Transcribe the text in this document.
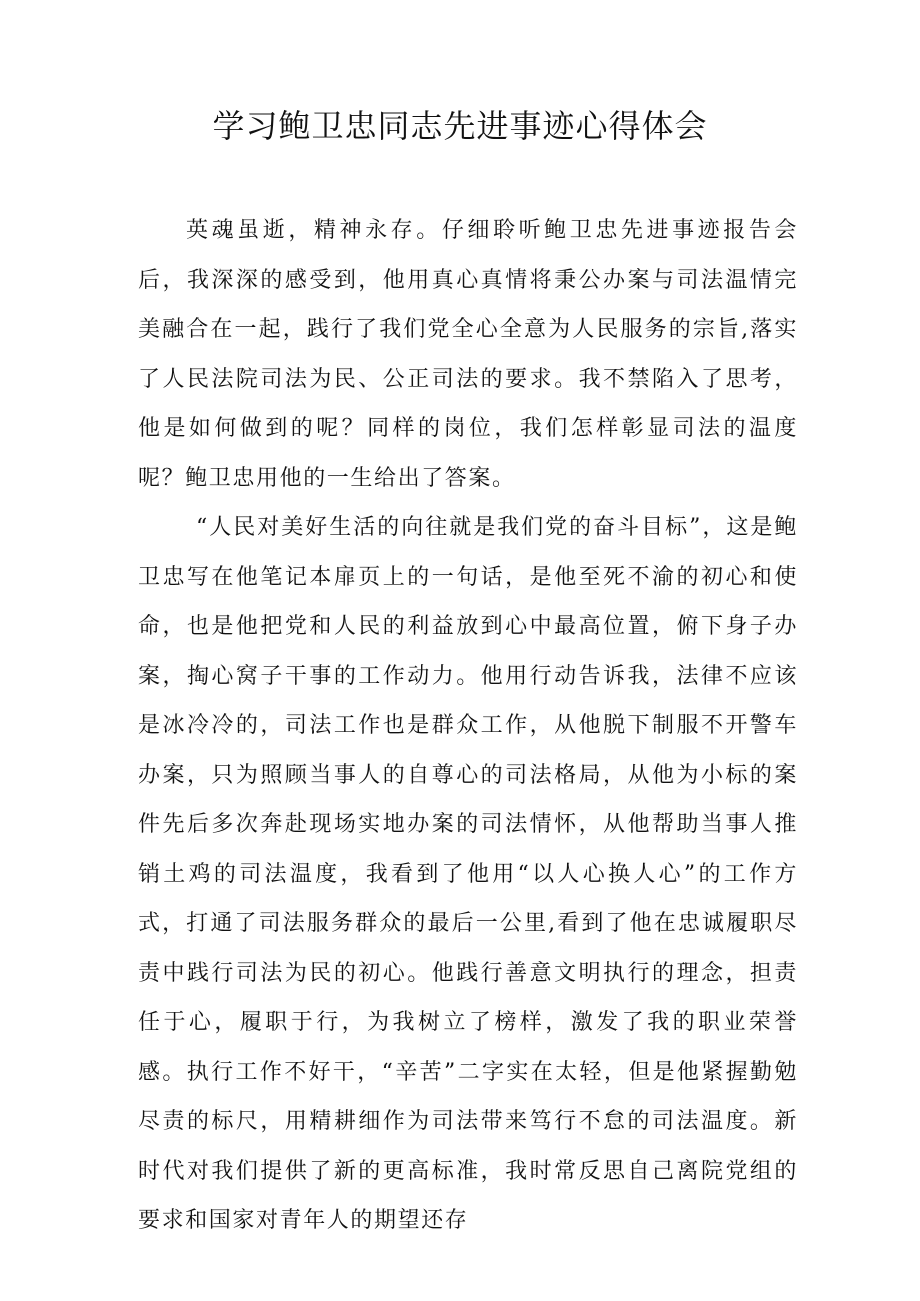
学习鲍卫忠同志先进事迹心得体会

英魂虽逝，精神永存。仔细聆听鲍卫忠先进事迹报告会后，我深深的感受到，他用真心真情将秉公办案与司法温情完美融合在一起，践行了我们党全心全意为人民服务的宗旨,落实了人民法院司法为民、公正司法的要求。我不禁陷入了思考，他是如何做到的呢？同样的岗位，我们怎样彰显司法的温度呢？鲍卫忠用他的一生给出了答案。

“人民对美好生活的向往就是我们党的奋斗目标”，这是鲍卫忠写在他笔记本扉页上的一句话，是他至死不渝的初心和使命，也是他把党和人民的利益放到心中最高位置，俯下身子办案，掏心窝子干事的工作动力。他用行动告诉我，法律不应该是冰冷冷的，司法工作也是群众工作，从他脱下制服不开警车办案，只为照顾当事人的自尊心的司法格局，从他为小标的案件先后多次奔赴现场实地办案的司法情怀，从他帮助当事人推销土鸡的司法温度，我看到了他用“以人心换人心”的工作方式，打通了司法服务群众的最后一公里,看到了他在忠诚履职尽责中践行司法为民的初心。他践行善意文明执行的理念，担责任于心，履职于行，为我树立了榜样，激发了我的职业荣誉感。执行工作不好干，“辛苦”二字实在太轻，但是他紧握勤勉尽责的标尺，用精耕细作为司法带来笃行不怠的司法温度。新时代对我们提供了新的更高标准，我时常反思自己离院党组的要求和国家对青年人的期望还存
